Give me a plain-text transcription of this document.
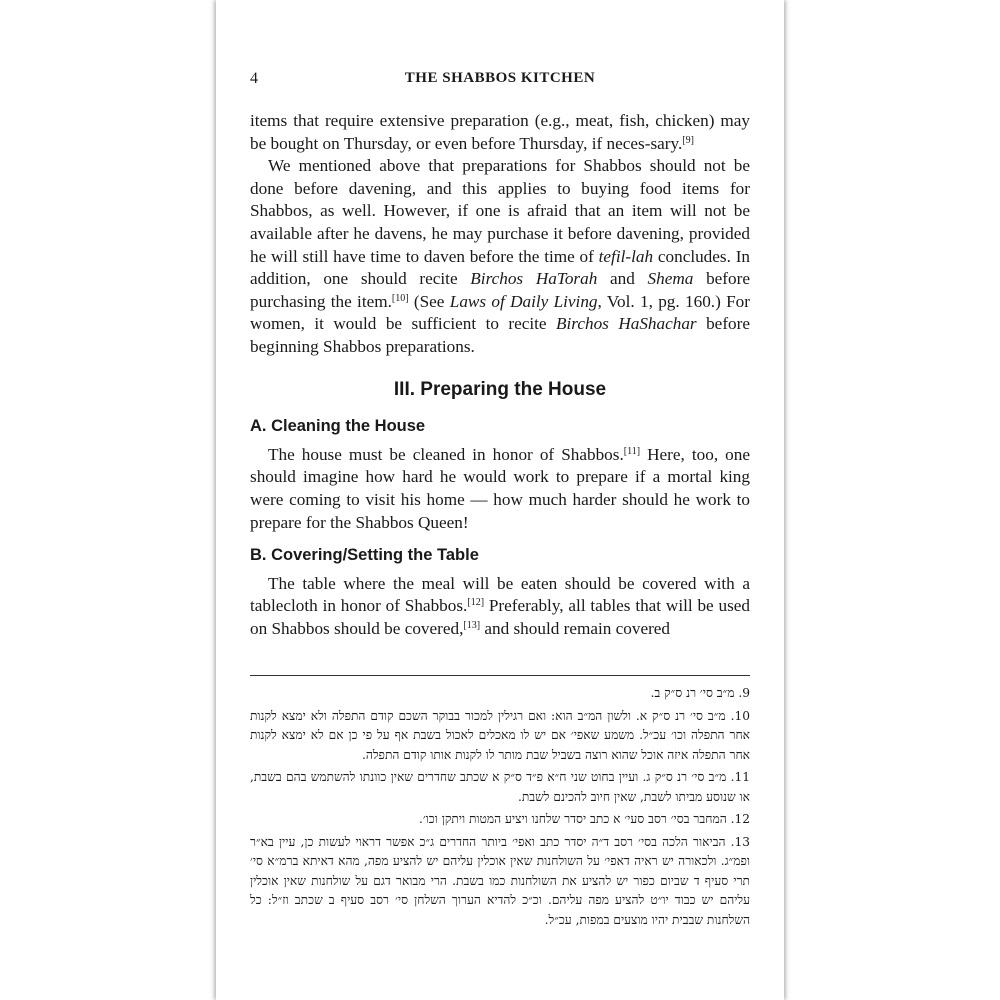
4	THE SHABBOS KITCHEN

items that require extensive preparation (e.g., meat, fish, chicken) may be bought on Thursday, or even before Thursday, if neces-sary.[9]

We mentioned above that preparations for Shabbos should not be done before davening, and this applies to buying food items for Shabbos, as well. However, if one is afraid that an item will not be available after he davens, he may purchase it before davening, provided he will still have time to daven before the time of tefil-lah concludes. In addition, one should recite Birchos HaTorah and Shema before purchasing the item.[10] (See Laws of Daily Living, Vol. 1, pg. 160.) For women, it would be sufficient to recite Birchos HaShachar before beginning Shabbos preparations.

III. Preparing the House
A. Cleaning the House

The house must be cleaned in honor of Shabbos.[11] Here, too, one should imagine how hard he would work to prepare if a mortal king were coming to visit his home — how much harder should he work to prepare for the Shabbos Queen!

B. Covering/Setting the Table

The table where the meal will be eaten should be covered with a tablecloth in honor of Shabbos.[12] Preferably, all tables that will be used on Shabbos should be covered,[13] and should remain covered

9. מ״ב סי׳ רנ ס״ק ב.

10. מ״ב סי׳ רנ ס״ק א. ולשון המ״ב הוא: ואם רגילין למכור בבוקר השכם קודם התפלה ולא ימצא לקנות אחר התפלה וכו׳ עכ״ל. משמע שאפי׳ אם יש לו מאכלים לאכול בשבת אף על פי כן אם לא ימצא לקנות אחר התפלה איזה אוכל שהוא רוצה בשביל שבת מותר לו לקנות אותו קודם התפלה.

11. מ״ב סי׳ רנ ס״ק ג. ועיין בחוט שני ח״א פ״ד ס״ק א שכתב שחדרים שאין כוונתו להשתמש בהם בשבת, או שנוסע מביתו לשבת, שאין חיוב להכינם לשבת.

12. המחבר בסי׳ רסב סעי׳ א כתב יסדר שלחנו ויציע המטות ויתקן וכו׳.

13. הביאור הלכה בסי׳ רסב ד״ה יסדר כתב ואפי׳ ביותר החדרים ג״כ אפשר דראוי לעשות כן, עיין בא״ר ופמ״ג. ולכאורה יש ראיה דאפי׳ על השולחנות שאין אוכלין עליהם יש להציע מפה, מהא דאיתא ברמ״א סי׳ תרי סעיף ד שביום כפור יש להציע את השולחנות כמו בשבת. הרי מבואר דגם על שולחנות שאין אוכלין עליהם יש כבוד יו״ט להציע מפה עליהם. וכ״כ להדיא הערוך השלחן סי׳ רסב סעיף ב שכתב וז״ל: כל השלחנות שבבית יהיו מוצעים במפות, עכ״ל.
